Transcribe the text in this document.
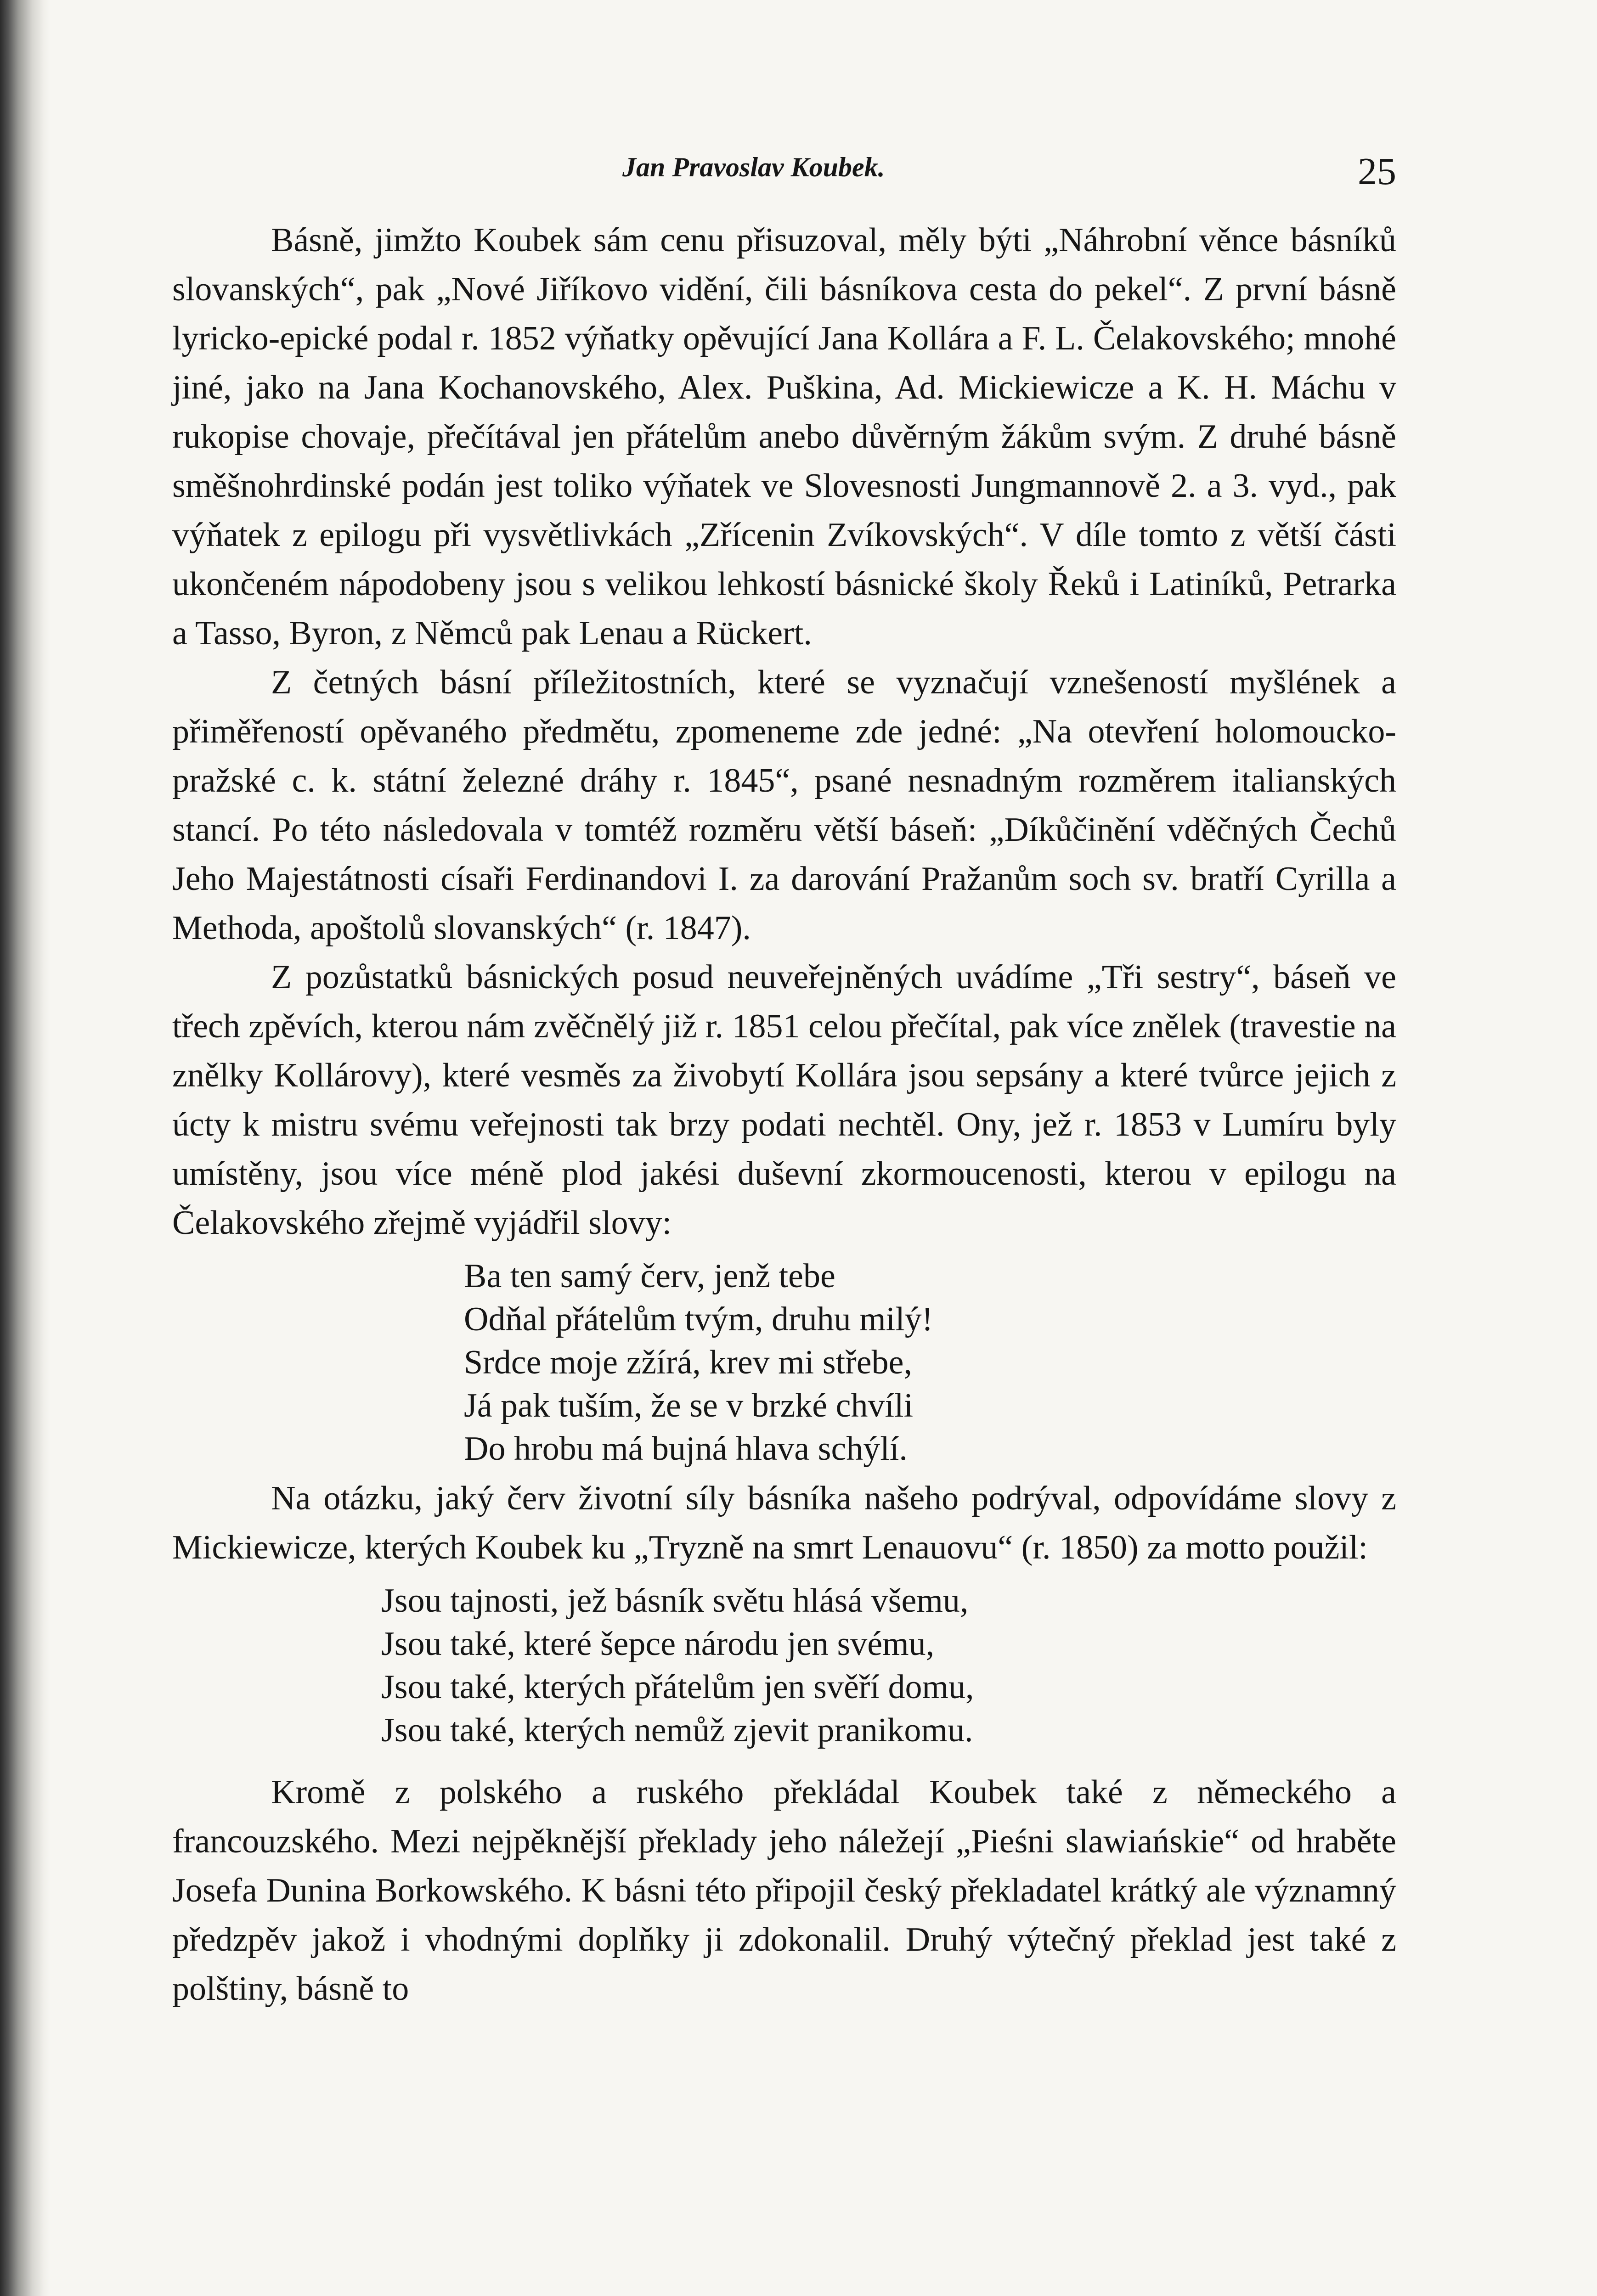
Jan Pravoslav Koubek.	25

Básně, jimžto Koubek sám cenu přisuzoval, měly býti „Náhrobní věnce básníků slovanských“, pak „Nové Jiříkovo vidění, čili básníkova cesta do pekel“. Z první básně lyricko-epické podal r. 1852 výňatky opěvující Jana Kollára a F. L. Čelakovského; mnohé jiné, jako na Jana Kochanovského, Alex. Puškina, Ad. Mickiewicze a K. H. Máchu v rukopise chovaje, přečítával jen přátelům anebo důvěrným žákům svým. Z druhé básně směšnohrdinské podán jest toliko výňatek ve Slovesnosti Jungmannově 2. a 3. vyd., pak výňatek z epilogu při vysvětlivkách „Zřícenin Zvíkovských“. V díle tomto z větší části ukončeném nápodobeny jsou s velikou lehkostí básnické školy Řeků i Latiníků, Petrarka a Tasso, Byron, z Němců pak Lenau a Rückert.

Z četných básní příležitostních, které se vyznačují vznešeností myšlének a přiměřeností opěvaného předmětu, zpomeneme zde jedné: „Na otevření holomoucko-pražské c. k. státní železné dráhy r. 1845“, psané nesnadným rozměrem italianských stancí. Po této následovala v tomtéž rozměru větší báseň: „Díkůčinění vděčných Čechů Jeho Majestátnosti císaři Ferdinandovi I. za darování Pražanům soch sv. bratří Cyrilla a Methoda, apoštolů slovanských“ (r. 1847).

Z pozůstatků básnických posud neuveřejněných uvádíme „Tři sestry“, báseň ve třech zpěvích, kterou nám zvěčnělý již r. 1851 celou přečítal, pak více znělek (travestie na znělky Kollárovy), které vesměs za živobytí Kollára jsou sepsány a které tvůrce jejich z úcty k mistru svému veřejnosti tak brzy podati nechtěl. Ony, jež r. 1853 v Lumíru byly umístěny, jsou více méně plod jakési duševní zkormoucenosti, kterou v epilogu na Čelakovského zřejmě vyjádřil slovy:

Ba ten samý červ, jenž tebe
Odňal přátelům tvým, druhu milý!
Srdce moje zžírá, krev mi střebe,
Já pak tuším, že se v brzké chvíli
Do hrobu má bujná hlava schýlí.

Na otázku, jaký červ životní síly básníka našeho podrýval, odpovídáme slovy z Mickiewicze, kterých Koubek ku „Tryzně na smrt Lenauovu“ (r. 1850) za motto použil:

Jsou tajnosti, jež básník světu hlásá všemu,
Jsou také, které šepce národu jen svému,
Jsou také, kterých přátelům jen svěří domu,
Jsou také, kterých nemůž zjevit pranikomu.

Kromě z polského a ruského překládal Koubek také z německého a francouzského. Mezi nejpěknější překlady jeho náležejí „Pieśni slawiańskie“ od hraběte Josefa Dunina Borkowského. K básni této připojil český překladatel krátký ale významný předzpěv jakož i vhodnými doplňky ji zdokonalil. Druhý výtečný překlad jest také z polštiny, básně to
